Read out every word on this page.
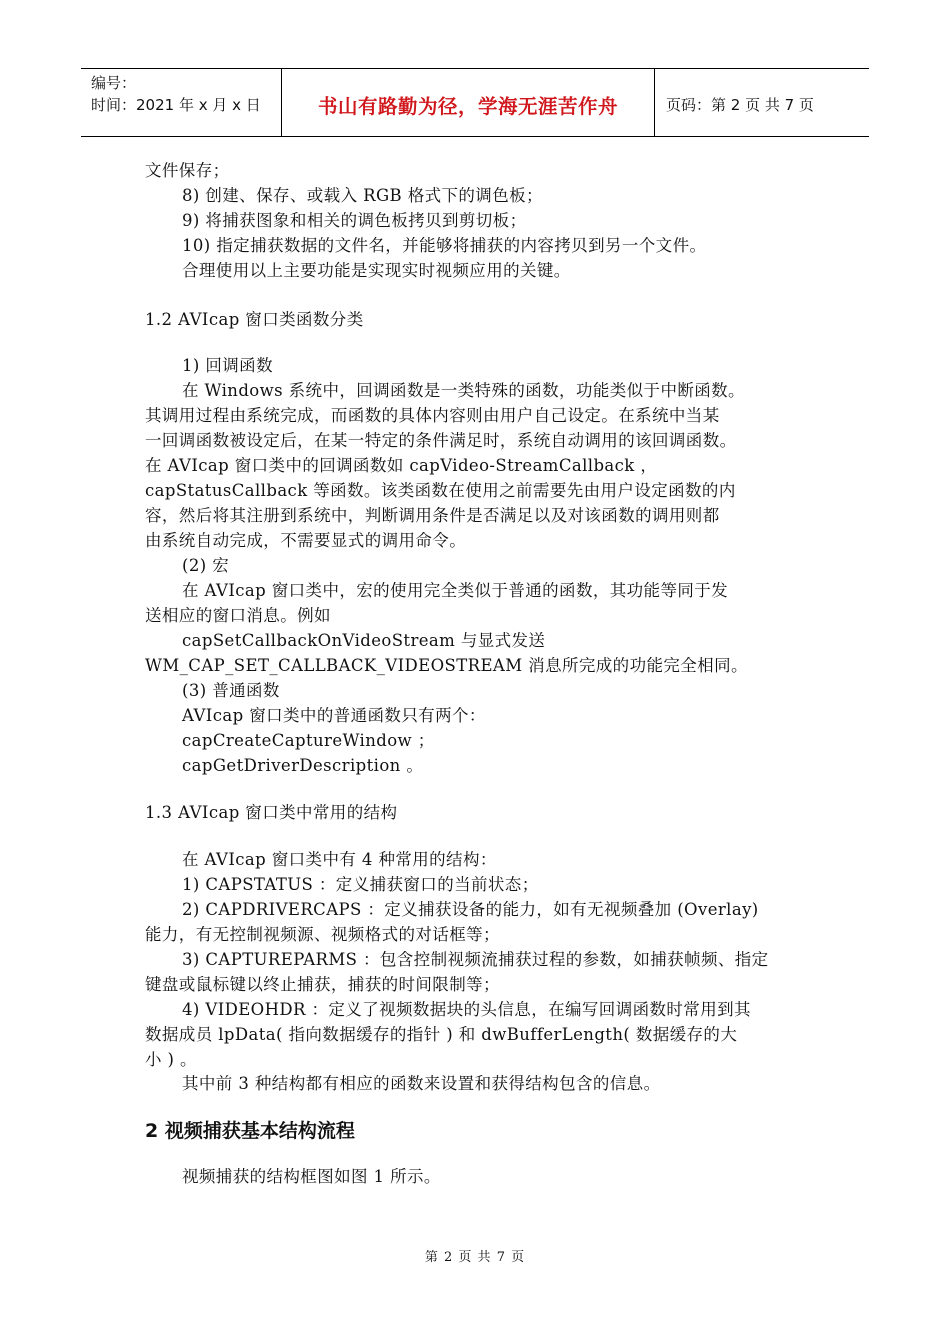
编号：
时间：2021 年 x 月 x 日	书山有路勤为径，学海无涯苦作舟	页码：第 2 页 共 7 页
文件保存；
8) 创建、保存、或载入 RGB 格式下的调色板；
9) 将捕获图象和相关的调色板拷贝到剪切板；
10) 指定捕获数据的文件名，并能够将捕获的内容拷贝到另一个文件。
合理使用以上主要功能是实现实时视频应用的关键。
1.2 AVIcap 窗口类函数分类
1) 回调函数
在 Windows 系统中，回调函数是一类特殊的函数，功能类似于中断函数。
其调用过程由系统完成，而函数的具体内容则由用户自己设定。在系统中当某
一回调函数被设定后，在某一特定的条件满足时，系统自动调用的该回调函数。
在 AVIcap 窗口类中的回调函数如 capVideo-StreamCallback ，
capStatusCallback 等函数。该类函数在使用之前需要先由用户设定函数的内
容，然后将其注册到系统中，判断调用条件是否满足以及对该函数的调用则都
由系统自动完成，不需要显式的调用命令。
(2) 宏
在 AVIcap 窗口类中，宏的使用完全类似于普通的函数，其功能等同于发
送相应的窗口消息。例如
capSetCallbackOnVideoStream 与显式发送
WM_CAP_SET_CALLBACK_VIDEOSTREAM 消息所完成的功能完全相同。
(3) 普通函数
AVIcap 窗口类中的普通函数只有两个：
capCreateCaptureWindow ；
capGetDriverDescription 。
1.3 AVIcap 窗口类中常用的结构
在 AVIcap 窗口类中有 4 种常用的结构：
1) CAPSTATUS ：定义捕获窗口的当前状态；
2) CAPDRIVERCAPS ：定义捕获设备的能力，如有无视频叠加 (Overlay)
能力，有无控制视频源、视频格式的对话框等；
3) CAPTUREPARMS ：包含控制视频流捕获过程的参数，如捕获帧频、指定
键盘或鼠标键以终止捕获，捕获的时间限制等；
4) VIDEOHDR ：定义了视频数据块的头信息，在编写回调函数时常用到其
数据成员 lpData( 指向数据缓存的指针 ) 和 dwBufferLength( 数据缓存的大
小 ) 。
其中前 3 种结构都有相应的函数来设置和获得结构包含的信息。
2 视频捕获基本结构流程
视频捕获的结构框图如图 1 所示。
第 2 页 共 7 页
